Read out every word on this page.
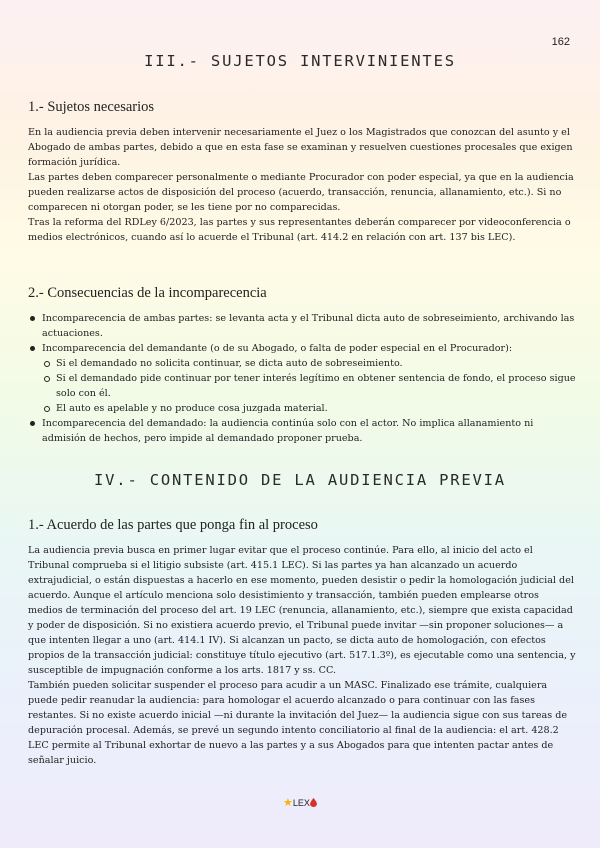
162
III.- SUJETOS INTERVINIENTES
1.- Sujetos necesarios

En la audiencia previa deben intervenir necesariamente el Juez o los Magistrados que conozcan del asunto y el Abogado de ambas partes, debido a que en esta fase se examinan y resuelven cuestiones procesales que exigen formación jurídica.

Las partes deben comparecer personalmente o mediante Procurador con poder especial, ya que en la audiencia pueden realizarse actos de disposición del proceso (acuerdo, transacción, renuncia, allanamiento, etc.). Si no comparecen ni otorgan poder, se les tiene por no comparecidas.

Tras la reforma del RDLey 6/2023, las partes y sus representantes deberán comparecer por videoconferencia o medios electrónicos, cuando así lo acuerde el Tribunal (art. 414.2 en relación con art. 137 bis LEC).

2.- Consecuencias de la incomparecencia
Incomparecencia de ambas partes: se levanta acta y el Tribunal dicta auto de sobreseimiento, archivando las actuaciones.
Incomparecencia del demandante (o de su Abogado, o falta de poder especial en el Procurador):
Si el demandado no solicita continuar, se dicta auto de sobreseimiento.
Si el demandado pide continuar por tener interés legítimo en obtener sentencia de fondo, el proceso sigue solo con él.
El auto es apelable y no produce cosa juzgada material.
Incomparecencia del demandado: la audiencia continúa solo con el actor. No implica allanamiento ni admisión de hechos, pero impide al demandado proponer prueba.
IV.- CONTENIDO DE LA AUDIENCIA PREVIA
1.- Acuerdo de las partes que ponga fin al proceso

La audiencia previa busca en primer lugar evitar que el proceso continúe. Para ello, al inicio del acto el Tribunal comprueba si el litigio subsiste (art. 415.1 LEC). Si las partes ya han alcanzado un acuerdo extrajudicial, o están dispuestas a hacerlo en ese momento, pueden desistir o pedir la homologación judicial del acuerdo. Aunque el artículo menciona solo desistimiento y transacción, también pueden emplearse otros medios de terminación del proceso del art. 19 LEC (renuncia, allanamiento, etc.), siempre que exista capacidad y poder de disposición. Si no existiera acuerdo previo, el Tribunal puede invitar —sin proponer soluciones— a que intenten llegar a uno (art. 414.1 IV). Si alcanzan un pacto, se dicta auto de homologación, con efectos propios de la transacción judicial: constituye título ejecutivo (art. 517.1.3º), es ejecutable como una sentencia, y susceptible de impugnación conforme a los arts. 1817 y ss. CC.

También pueden solicitar suspender el proceso para acudir a un MASC. Finalizado ese trámite, cualquiera puede pedir reanudar la audiencia: para homologar el acuerdo alcanzado o para continuar con las fases restantes. Si no existe acuerdo inicial —ni durante la invitación del Juez— la audiencia sigue con sus tareas de depuración procesal. Además, se prevé un segundo intento conciliatorio al final de la audiencia: el art. 428.2 LEC permite al Tribunal exhortar de nuevo a las partes y a sus Abogados para que intenten pactar antes de señalar juicio.

★LEX
